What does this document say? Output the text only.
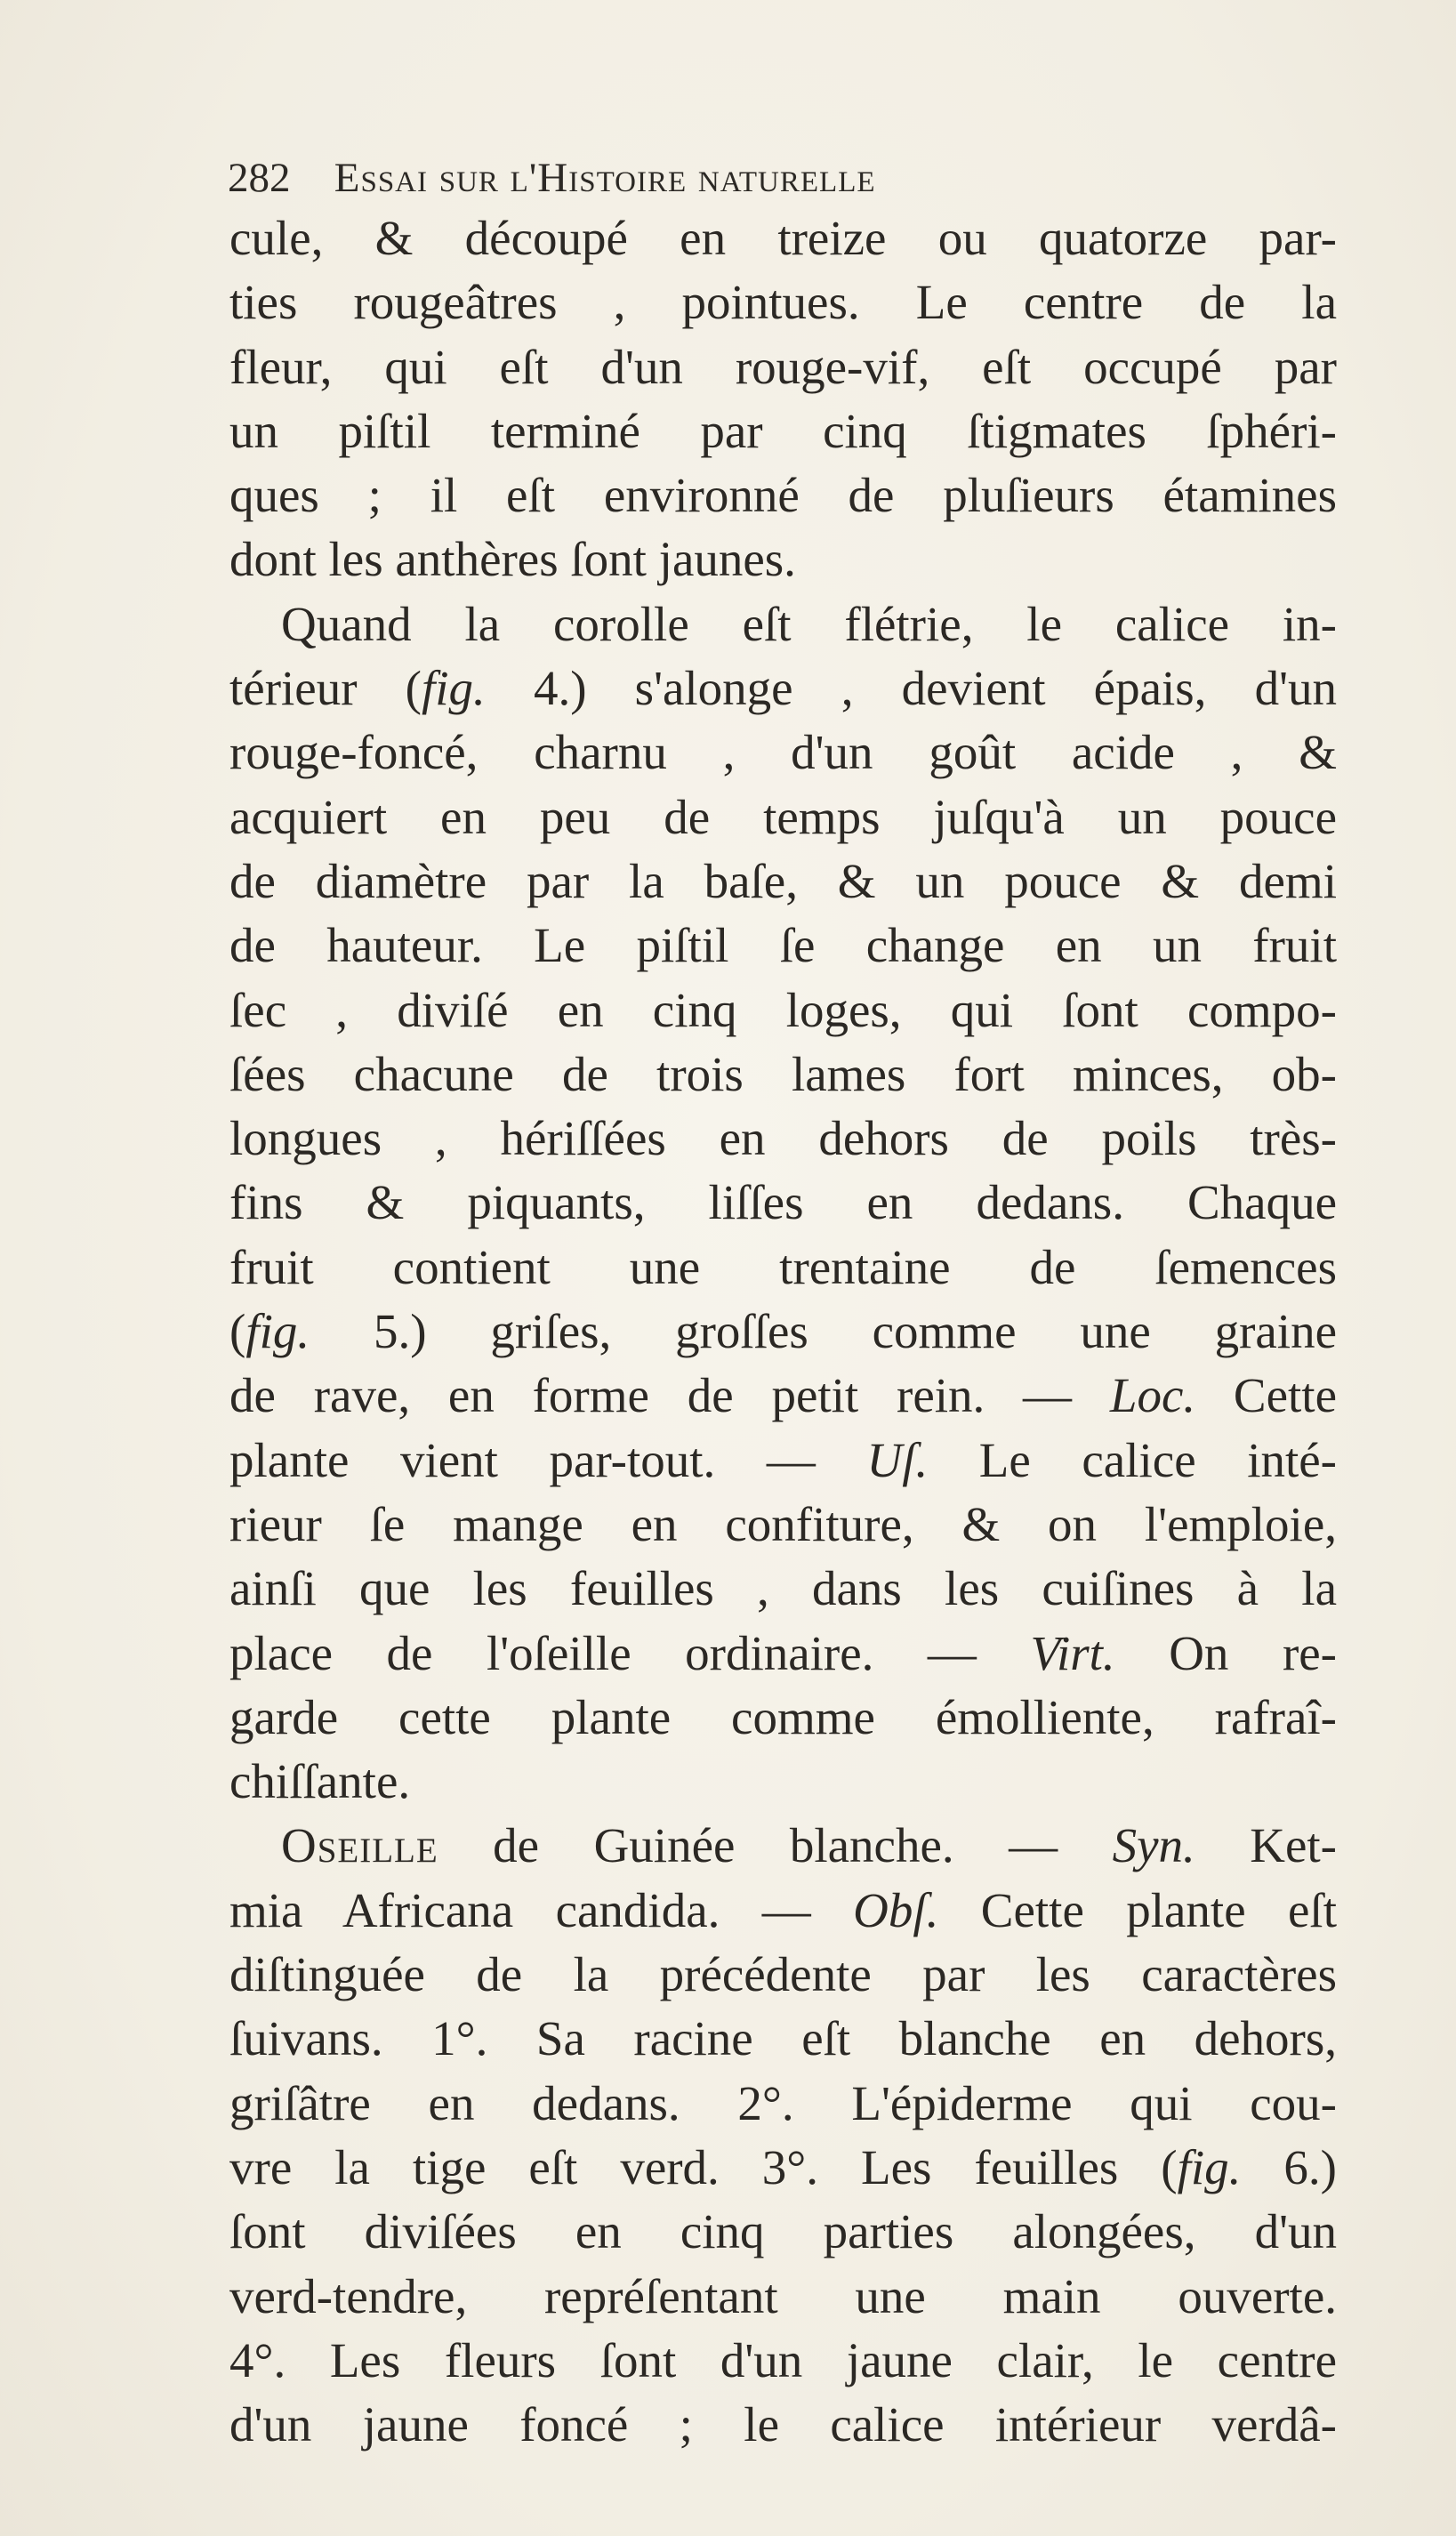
282 Essai sur l'Histoire naturelle
cule, & découpé en treize ou quatorze par-
ties rougeâtres , pointues. Le centre de la
fleur, qui eſt d'un rouge-vif, eſt occupé par
un piſtil terminé par cinq ſtigmates ſphéri-
ques ; il eſt environné de pluſieurs étamines
dont les anthères ſont jaunes.
Quand la corolle eſt flétrie, le calice in-
térieur (fig. 4.) s'alonge , devient épais, d'un
rouge-foncé, charnu , d'un goût acide , &
acquiert en peu de temps juſqu'à un pouce
de diamètre par la baſe, & un pouce & demi
de hauteur. Le piſtil ſe change en un fruit
ſec , diviſé en cinq loges, qui ſont compo-
ſées chacune de trois lames fort minces, ob-
longues , hériſſées en dehors de poils très-
fins & piquants, liſſes en dedans. Chaque
fruit contient une trentaine de ſemences
(fig. 5.) griſes, groſſes comme une graine
de rave, en forme de petit rein. — Loc. Cette
plante vient par-tout. — Uſ. Le calice inté-
rieur ſe mange en confiture, & on l'emploie,
ainſi que les feuilles , dans les cuiſines à la
place de l'oſeille ordinaire. — Virt. On re-
garde cette plante comme émolliente, rafraî-
chiſſante.
Oseille de Guinée blanche. — Syn. Ket-
mia Africana candida. — Obſ. Cette plante eſt
diſtinguée de la précédente par les caractères
ſuivans. 1°. Sa racine eſt blanche en dehors,
griſâtre en dedans. 2°. L'épiderme qui cou-
vre la tige eſt verd. 3°. Les feuilles (fig. 6.)
ſont diviſées en cinq parties alongées, d'un
verd-tendre, repréſentant une main ouverte.
4°. Les fleurs ſont d'un jaune clair, le centre
d'un jaune foncé ; le calice intérieur verdâ-
